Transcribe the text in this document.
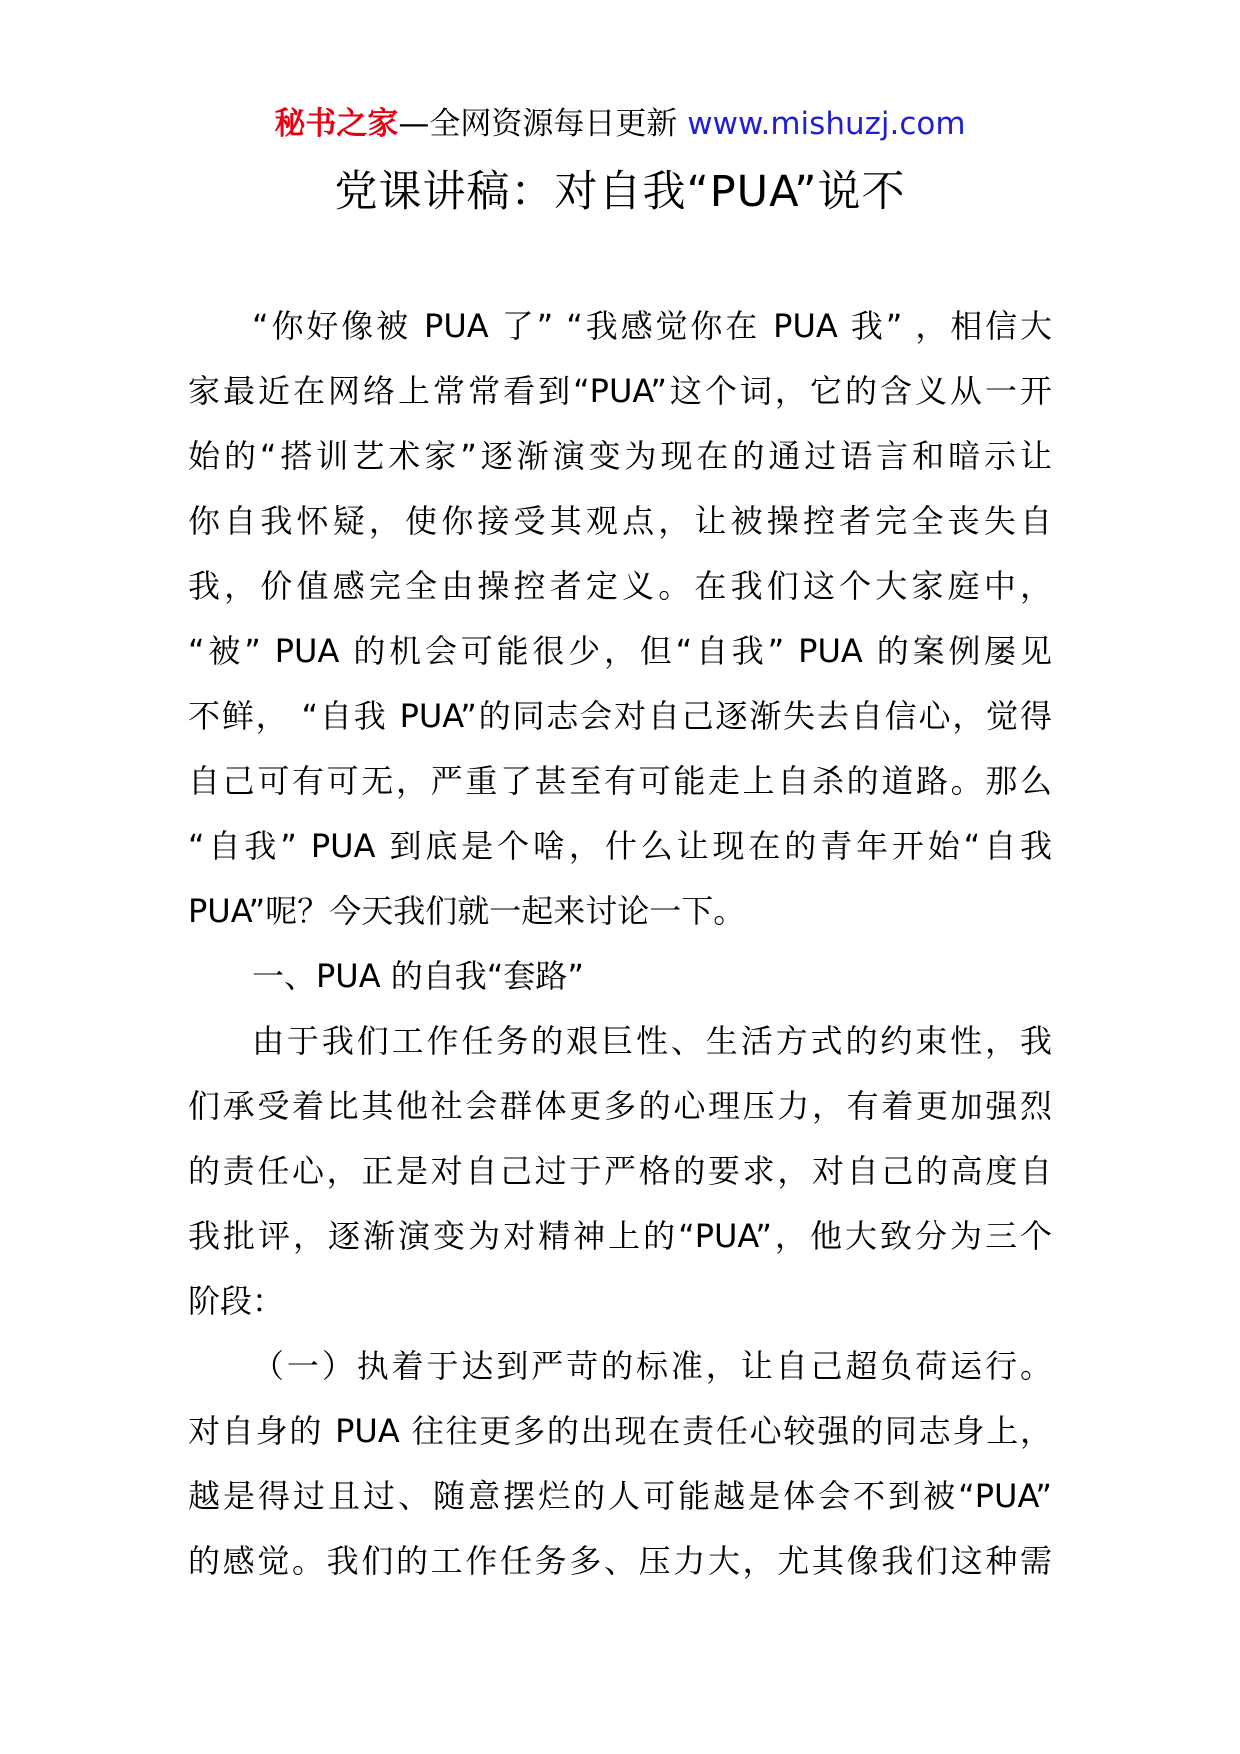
秘书之家—全网资源每日更新 www.mishuzj.com
党课讲稿：对自我“PUA”说不
“你好像被 PUA 了” “我感觉你在 PUA 我” ，相信大
家最近在网络上常常看到“PUA”这个词，它的含义从一开
始的“搭训艺术家”逐渐演变为现在的通过语言和暗示让
你自我怀疑，使你接受其观点，让被操控者完全丧失自
我，价值感完全由操控者定义。在我们这个大家庭中，
“被” PUA 的机会可能很少，但“自我” PUA 的案例屡见
不鲜， “自我 PUA”的同志会对自己逐渐失去自信心，觉得
自己可有可无，严重了甚至有可能走上自杀的道路。那么
“自我” PUA 到底是个啥，什么让现在的青年开始“自我
PUA”呢？今天我们就一起来讨论一下。
一、PUA 的自我“套路”
由于我们工作任务的艰巨性、生活方式的约束性，我
们承受着比其他社会群体更多的心理压力，有着更加强烈
的责任心，正是对自己过于严格的要求，对自己的高度自
我批评，逐渐演变为对精神上的“PUA”，他大致分为三个
阶段：
（一）执着于达到严苛的标准，让自己超负荷运行。
对自身的 PUA 往往更多的出现在责任心较强的同志身上，
越是得过且过、随意摆烂的人可能越是体会不到被“PUA”
的感觉。我们的工作任务多、压力大，尤其像我们这种需
